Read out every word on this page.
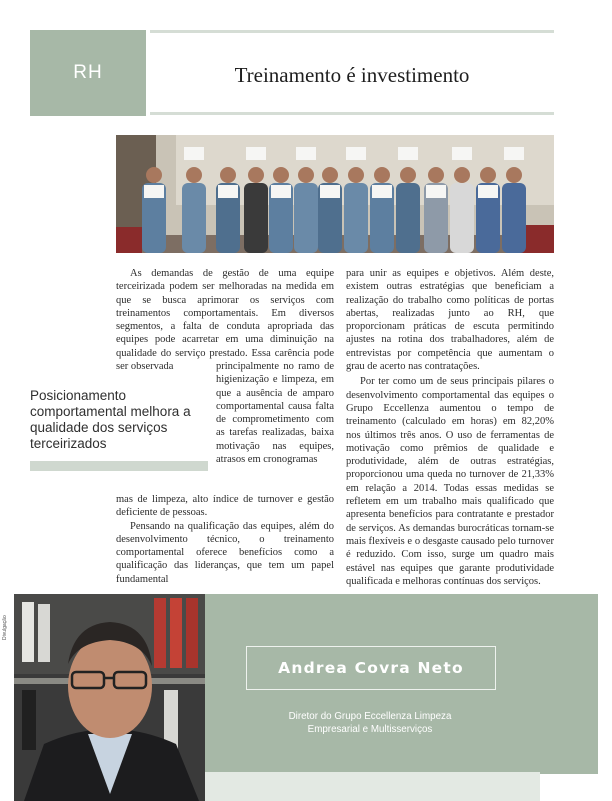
RH	Treinamento é investimento

As demandas de gestão de uma equipe terceirizada podem ser melhoradas na medida em que se busca aprimorar os serviços com treinamentos comportamentais. Em diversos segmentos, a falta de conduta apropriada das equipes pode acarretar em uma diminuição na qualidade do serviço prestado. Essa carência pode ser observada	principalmente no ramo de higienização e limpeza, em que a ausência de amparo comportamental causa falta de comprometimento com as tarefas realizadas, baixa motivação nas equipes, atrasos em cronogramas

mas de limpeza, alto índice de turnover e gestão deficiente de pessoas.

Pensando na qualificação das equipes, além do desenvolvimento técnico, o treinamento comportamental oferece benefícios como a qualificação das lideranças, que tem um papel fundamental

para unir as equipes e objetivos. Além deste, existem outras estratégias que beneficiam a realização do trabalho como políticas de portas abertas, realizadas junto ao RH, que proporcionam práticas de escuta permitindo ajustes na rotina dos trabalhadores, além de entrevistas por competência que aumentam o grau de acerto nas contratações.

Por ter como um de seus principais pilares o desenvolvimento comportamental das equipes o Grupo Eccellenza aumentou o tempo de treinamento (calculado em horas) em 82,20% nos últimos três anos. O uso de ferramentas de motivação como prêmios de qualidade e produtividade, além de outras estratégias, proporcionou uma queda no turnover de 21,33% em relação a 2014. Todas essas medidas se refletem em um trabalho mais qualificado que apresenta benefícios para contratante e prestador de serviços. As demandas burocráticas tornam-se mais flexíveis e o desgaste causado pelo turnover é reduzido. Com isso, surge um quadro mais estável nas equipes que garante produtividade qualificada e melhoras contínuas dos serviços.

Posicionamento comportamental melhora a qualidade dos serviços terceirizados
Divulgação
Andrea Covra Neto
Diretor do Grupo Eccellenza Limpeza
Empresarial e Multisserviços
